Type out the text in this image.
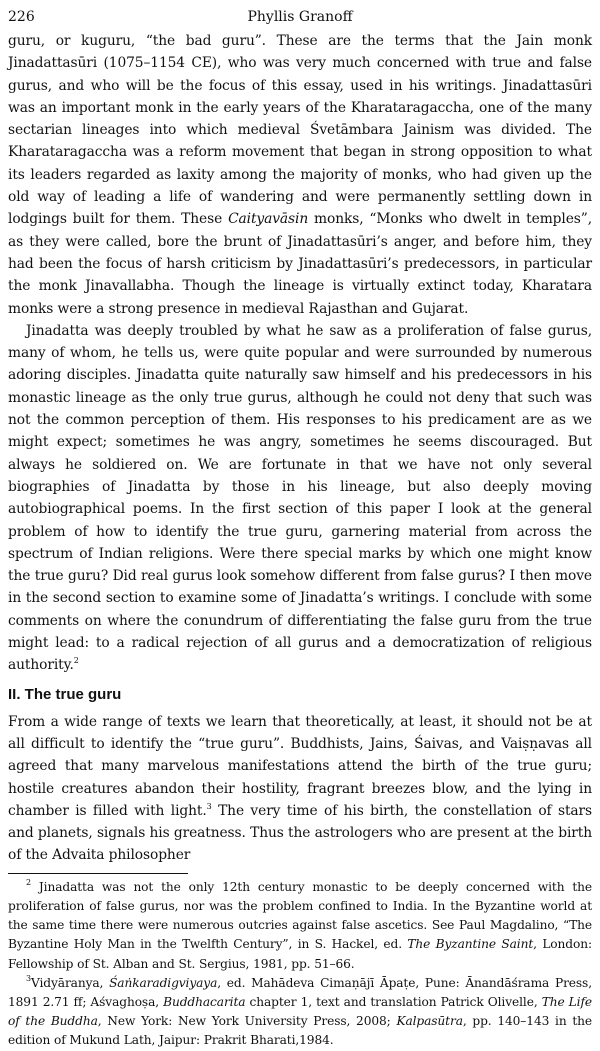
226	Phyllis Granoff

guru, or kuguru, “the bad guru”. These are the terms that the Jain monk Jinadattasūri (1075–1154 CE), who was very much concerned with true and false gurus, and who will be the focus of this essay, used in his writings. Jinadattasūri was an important monk in the early years of the Kharataragaccha, one of the many sectarian lineages into which medieval Śvetāmbara Jainism was divided. The Kharataragaccha was a reform movement that began in strong opposition to what its leaders regarded as laxity among the majority of monks, who had given up the old way of leading a life of wandering and were permanently settling down in lodgings built for them. These Caityavāsin monks, “Monks who dwelt in temples”, as they were called, bore the brunt of Jinadattasūri’s anger, and before him, they had been the focus of harsh criticism by Jinadattasūri’s predecessors, in particular the monk Jinavallabha. Though the lineage is virtually extinct today, Kharatara monks were a strong presence in medieval Rajasthan and Gujarat.

Jinadatta was deeply troubled by what he saw as a proliferation of false gurus, many of whom, he tells us, were quite popular and were surrounded by numerous adoring disciples. Jinadatta quite naturally saw himself and his predecessors in his monastic lineage as the only true gurus, although he could not deny that such was not the common perception of them. His responses to his predicament are as we might expect; sometimes he was angry, sometimes he seems discouraged. But always he soldiered on. We are fortunate in that we have not only several biographies of Jinadatta by those in his lineage, but also deeply moving autobiographical poems. In the first section of this paper I look at the general problem of how to identify the true guru, garnering material from across the spectrum of Indian religions. Were there special marks by which one might know the true guru? Did real gurus look somehow different from false gurus? I then move in the second section to examine some of Jinadatta’s writings. I conclude with some comments on where the conundrum of differentiating the false guru from the true might lead: to a radical rejection of all gurus and a democratization of religious authority.$^2$

II. The true guru

From a wide range of texts we learn that theoretically, at least, it should not be at all difficult to identify the “true guru”. Buddhists, Jains, Śaivas, and Vaiṣṇavas all agreed that many marvelous manifestations attend the birth of the true guru; hostile creatures abandon their hostility, fragrant breezes blow, and the lying in chamber is filled with light.$^3$ The very time of his birth, the constellation of stars and planets, signals his greatness. Thus the astrologers who are present at the birth of the Advaita philosopher

$^2$ Jinadatta was not the only 12th century monastic to be deeply concerned with the proliferation of false gurus, nor was the problem confined to India. In the Byzantine world at the same time there were numerous outcries against false ascetics. See Paul Magdalino, “The Byzantine Holy Man in the Twelfth Century”, in S. Hackel, ed. The Byzantine Saint, London: Fellowship of St. Alban and St. Sergius, 1981, pp. 51–66.

$^3$Vidyāranya, Śaṅkaradigviyaya, ed. Mahādeva Cimaṇājī Āpaṭe, Pune: Ānandāśrama Press, 1891 2.71 ff; Aśvaghoṣa, Buddhacarita chapter 1, text and translation Patrick Olivelle, The Life of the Buddha, New York: New York University Press, 2008; Kalpasūtra, pp. 140–143 in the edition of Mukund Lath, Jaipur: Prakrit Bharati,1984.
